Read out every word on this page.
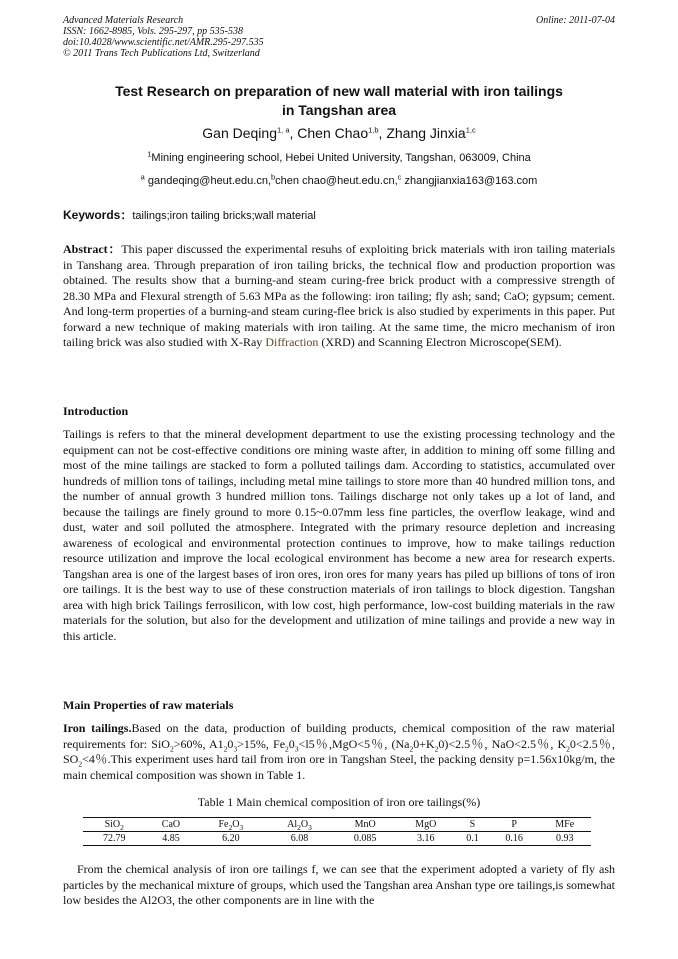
Advanced Materials Research
ISSN: 1662-8985, Vols. 295-297, pp 535-538
doi:10.4028/www.scientific.net/AMR.295-297.535
© 2011 Trans Tech Publications Ltd, Switzerland
Online: 2011-07-04
Test Research on preparation of new wall material with iron tailings
in Tangshan area
Gan Deqing$^{1, a}$, Chen Chao$^{1,b}$, Zhang Jinxia$^{1,c}$
$^1$Mining engineering school, Hebei United University, Tangshan, 063009, China
$^a$ gandeqing@heut.edu.cn,$^b$chen chao@heut.edu.cn,$^c$ zhangjianxia163@163.com
Keywords：tailings;iron tailing bricks;wall material
Abstract：This paper discussed the experimental resuhs of exploiting brick materials with iron tailing materials in Tanshang area. Through preparation of iron tailing bricks, the technical flow and production proportion was obtained. The results show that a burning-and steam curing-free brick product with a compressive strength of 28.30 MPa and Flexural strength of 5.63 MPa as the following: iron tailing; fly ash; sand; CaO; gypsum; cement. And long-term properties of a burning-and steam curing-flee brick is also studied by experiments in this paper. Put forward a new technique of making materials with iron tailing. At the same time, the micro mechanism of iron tailing brick was also studied with X-Ray Diffraction (XRD) and Scanning Electron Microscope(SEM).
Introduction
Tailings is refers to that the mineral development department to use the existing processing technology and the equipment can not be cost-effective conditions ore mining waste after, in addition to mining off some filling and most of the mine tailings are stacked to form a polluted tailings dam. According to statistics, accumulated over hundreds of million tons of tailings, including metal mine tailings to store more than 40 hundred million tons, and the number of annual growth 3 hundred million tons. Tailings discharge not only takes up a lot of land, and because the tailings are finely ground to more 0.15~0.07mm less fine particles, the overflow leakage, wind and dust, water and soil polluted the atmosphere. Integrated with the primary resource depletion and increasing awareness of ecological and environmental protection continues to improve, how to make tailings reduction resource utilization and improve the local ecological environment has become a new area for research experts. Tangshan area is one of the largest bases of iron ores, iron ores for many years has piled up billions of tons of iron ore tailings. It is the best way to use of these construction materials of iron tailings to block digestion. Tangshan area with high brick Tailings ferrosilicon, with low cost, high performance, low-cost building materials in the raw materials for the solution, but also for the development and utilization of mine tailings and provide a new way in this article.
Main Properties of raw materials
Iron tailings.Based on the data, production of building products, chemical composition of the raw material requirements for: SiO$_2$>60%, $A1_20_3>15\%$, $Fe_20_3<l5$％,MgO<5％, $(Na_20+K_20)<2.5$％, NaO<2.5％, $K_20<2.5$％, $SO_2<4$％.This experiment uses hard tail from iron ore in Tangshan Steel, the packing density p=1.56x10kg/m, the main chemical composition was shown in Table 1.
Table 1 Main chemical composition of iron ore tailings(%)
SiO$_2$	CaO	$Fe_2O_3$	$Al_2O_3$	MnO	MgO	S	P	MFe
72.79	4.85	6.20	6.08	0.085	3.16	0.1	0.16	0.93
From the chemical analysis of iron ore tailings f, we can see that the experiment adopted a variety of fly ash particles by the mechanical mixture of groups, which used the Tangshan area Anshan type ore tailings,is somewhat low besides the Al2O3, the other components are in line with the
